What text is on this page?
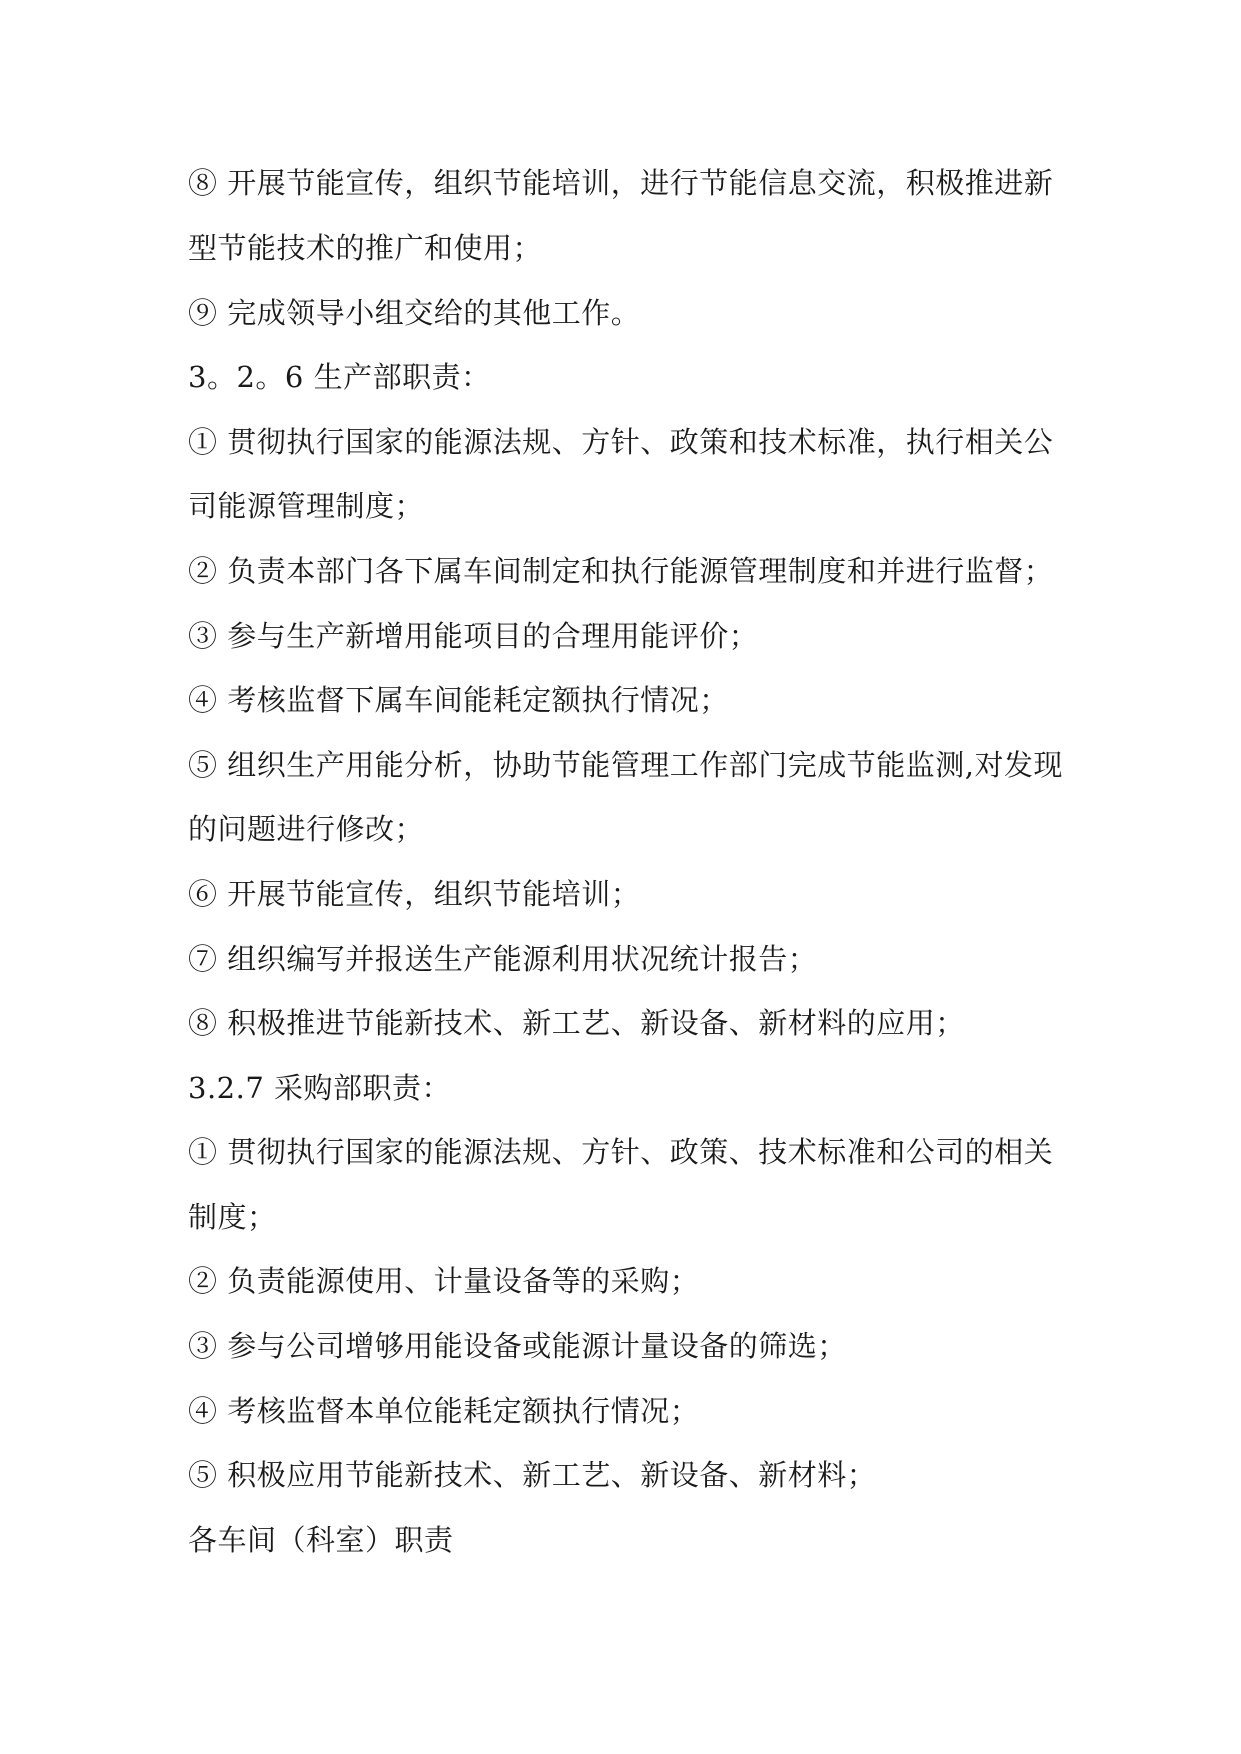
⑧ 开展节能宣传，组织节能培训，进行节能信息交流，积极推进新
型节能技术的推广和使用；
⑨ 完成领导小组交给的其他工作。
3。2。6 生产部职责：
① 贯彻执行国家的能源法规、方针、政策和技术标准，执行相关公
司能源管理制度；
② 负责本部门各下属车间制定和执行能源管理制度和并进行监督；
③ 参与生产新增用能项目的合理用能评价；
④ 考核监督下属车间能耗定额执行情况；
⑤ 组织生产用能分析，协助节能管理工作部门完成节能监测,对发现
的问题进行修改；
⑥ 开展节能宣传，组织节能培训；
⑦ 组织编写并报送生产能源利用状况统计报告；
⑧ 积极推进节能新技术、新工艺、新设备、新材料的应用；
3.2.7 采购部职责：
① 贯彻执行国家的能源法规、方针、政策、技术标准和公司的相关
制度；
② 负责能源使用、计量设备等的采购；
③ 参与公司增够用能设备或能源计量设备的筛选；
④ 考核监督本单位能耗定额执行情况；
⑤ 积极应用节能新技术、新工艺、新设备、新材料；
各车间（科室）职责
